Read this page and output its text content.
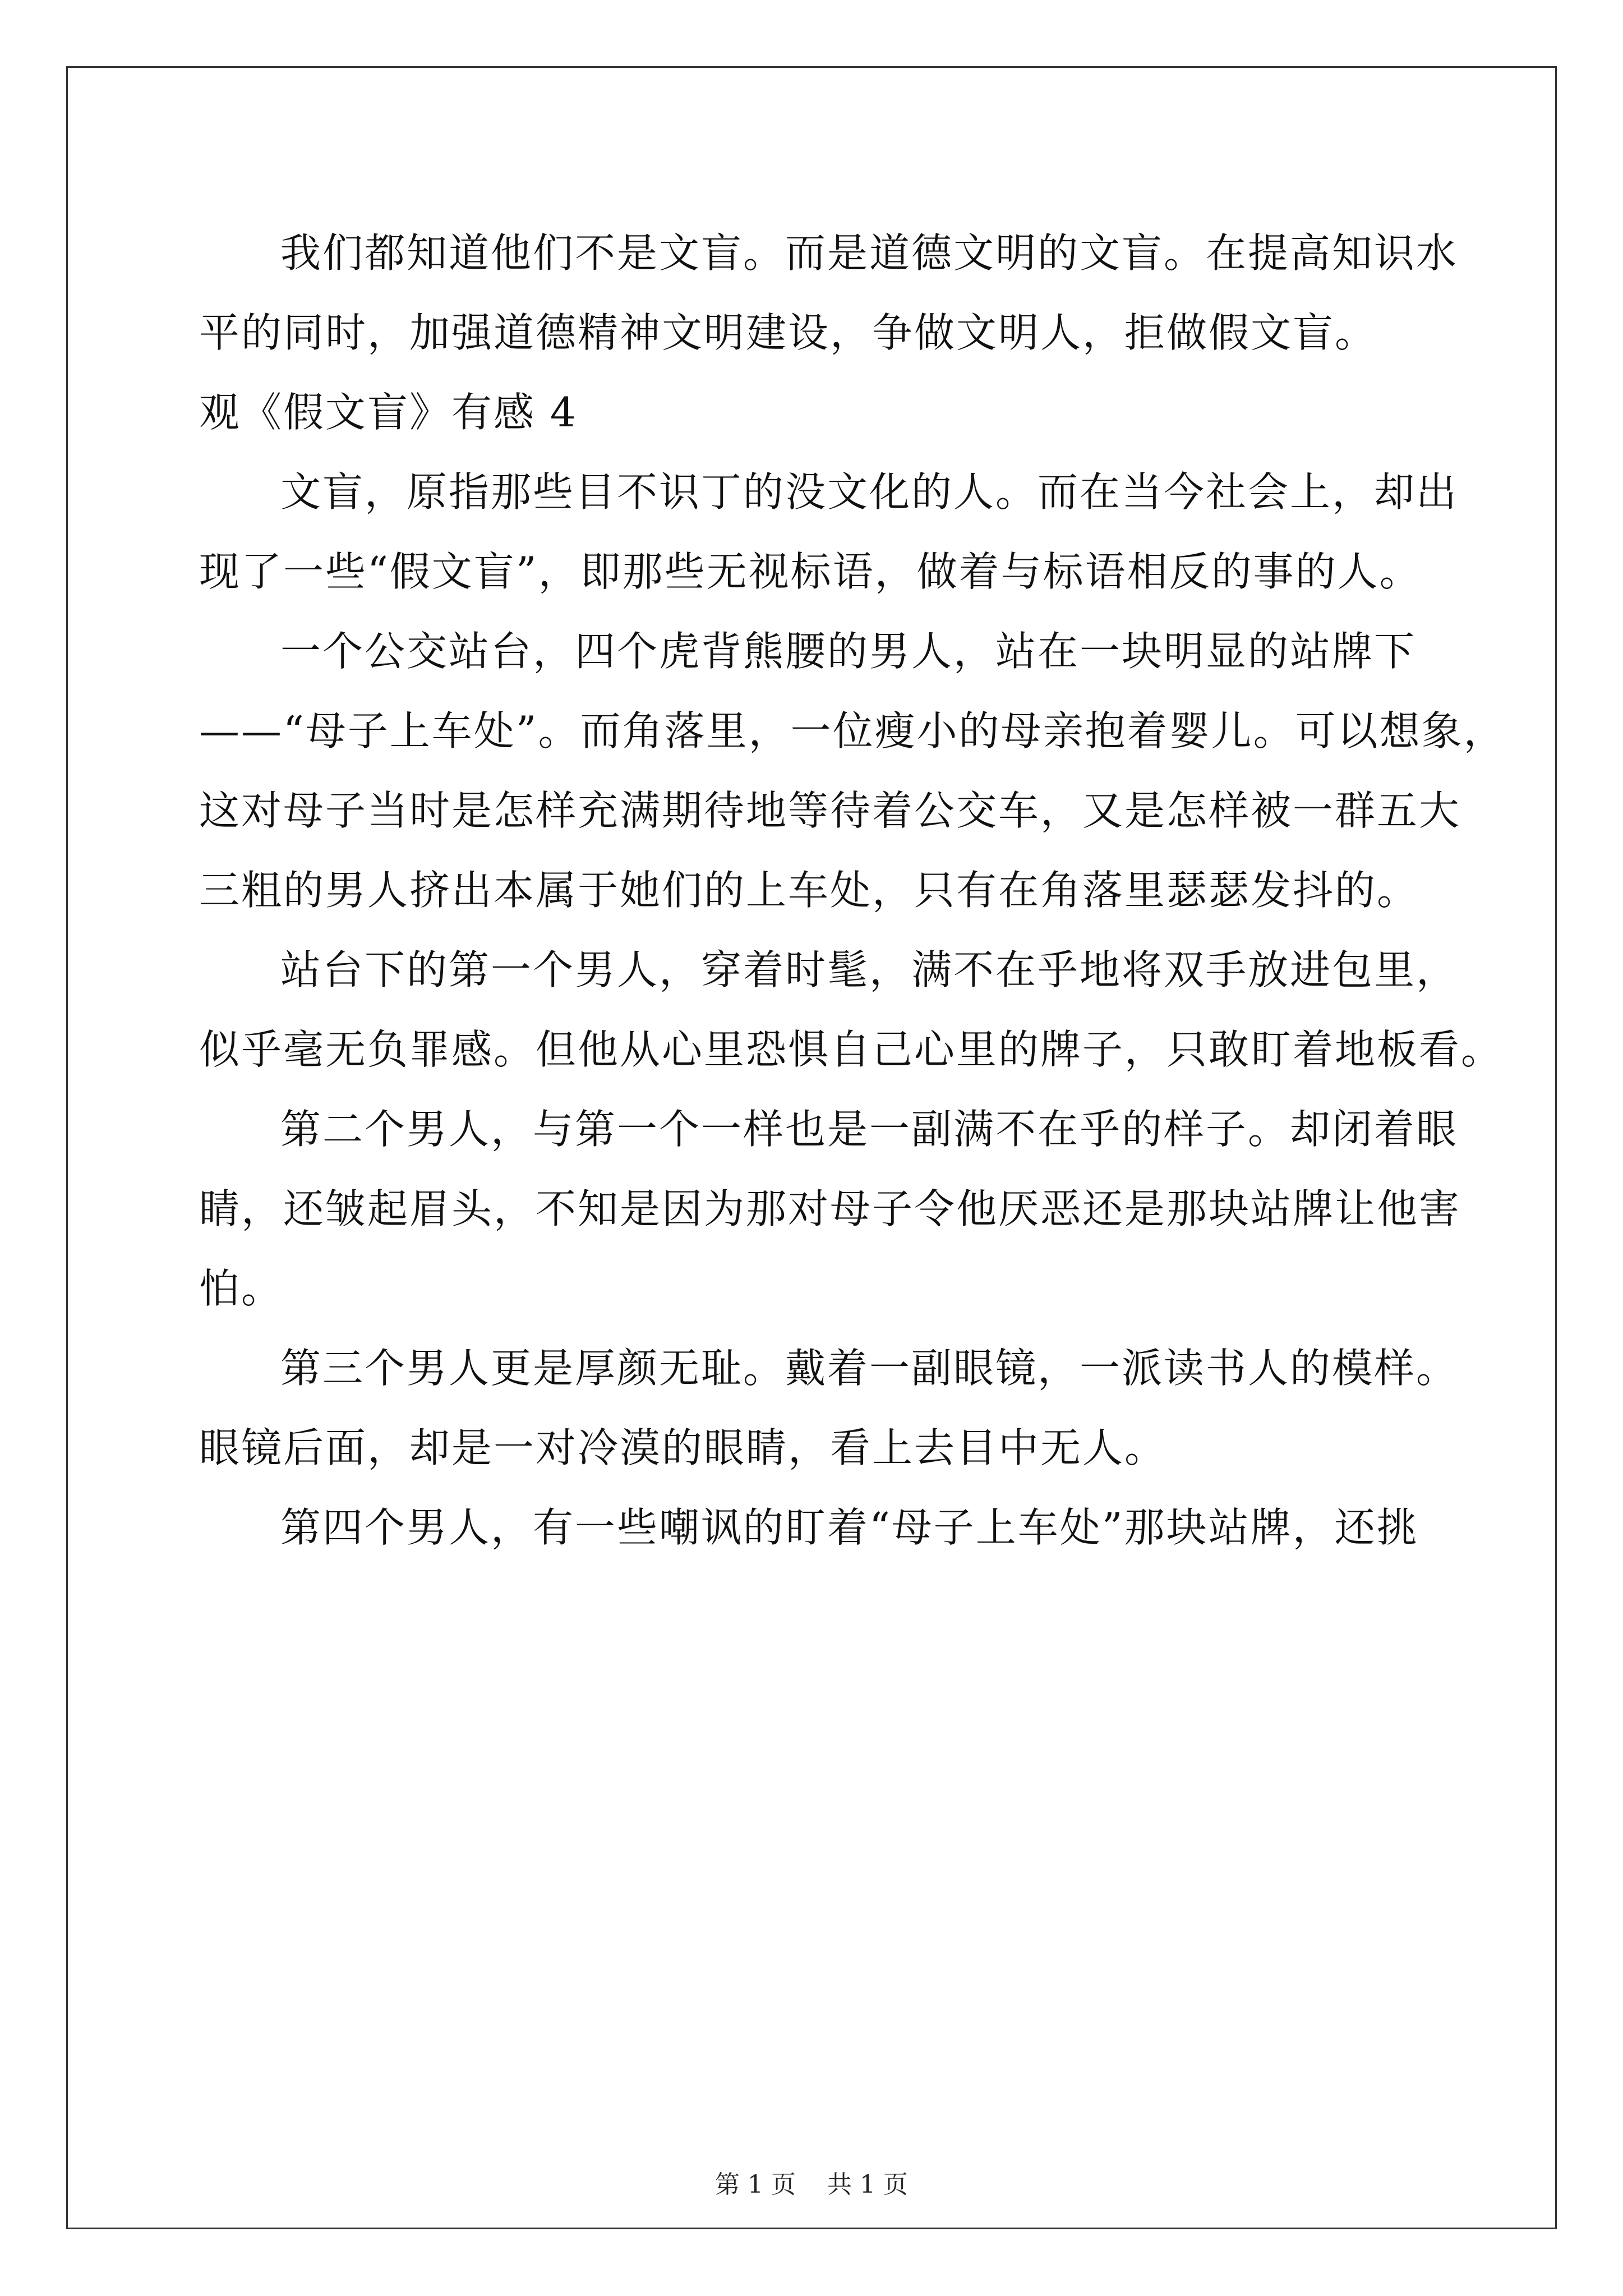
我们都知道他们不是文盲。而是道德文明的文盲。在提高知识水

平的同时，加强道德精神文明建设，争做文明人，拒做假文盲。

观《假文盲》有感 4

文盲，原指那些目不识丁的没文化的人。而在当今社会上，却出

现了一些“假文盲”，即那些无视标语，做着与标语相反的事的人。

一个公交站台，四个虎背熊腰的男人，站在一块明显的站牌下

——“母子上车处”。而角落里，一位瘦小的母亲抱着婴儿。可以想象，

这对母子当时是怎样充满期待地等待着公交车，又是怎样被一群五大

三粗的男人挤出本属于她们的上车处，只有在角落里瑟瑟发抖的。

站台下的第一个男人，穿着时髦，满不在乎地将双手放进包里，

似乎毫无负罪感。但他从心里恐惧自己心里的牌子，只敢盯着地板看。

第二个男人，与第一个一样也是一副满不在乎的样子。却闭着眼

睛，还皱起眉头，不知是因为那对母子令他厌恶还是那块站牌让他害

怕。

第三个男人更是厚颜无耻。戴着一副眼镜，一派读书人的模样。

眼镜后面，却是一对冷漠的眼睛，看上去目中无人。

第四个男人，有一些嘲讽的盯着“母子上车处”那块站牌，还挑

第 1 页    共 1 页
